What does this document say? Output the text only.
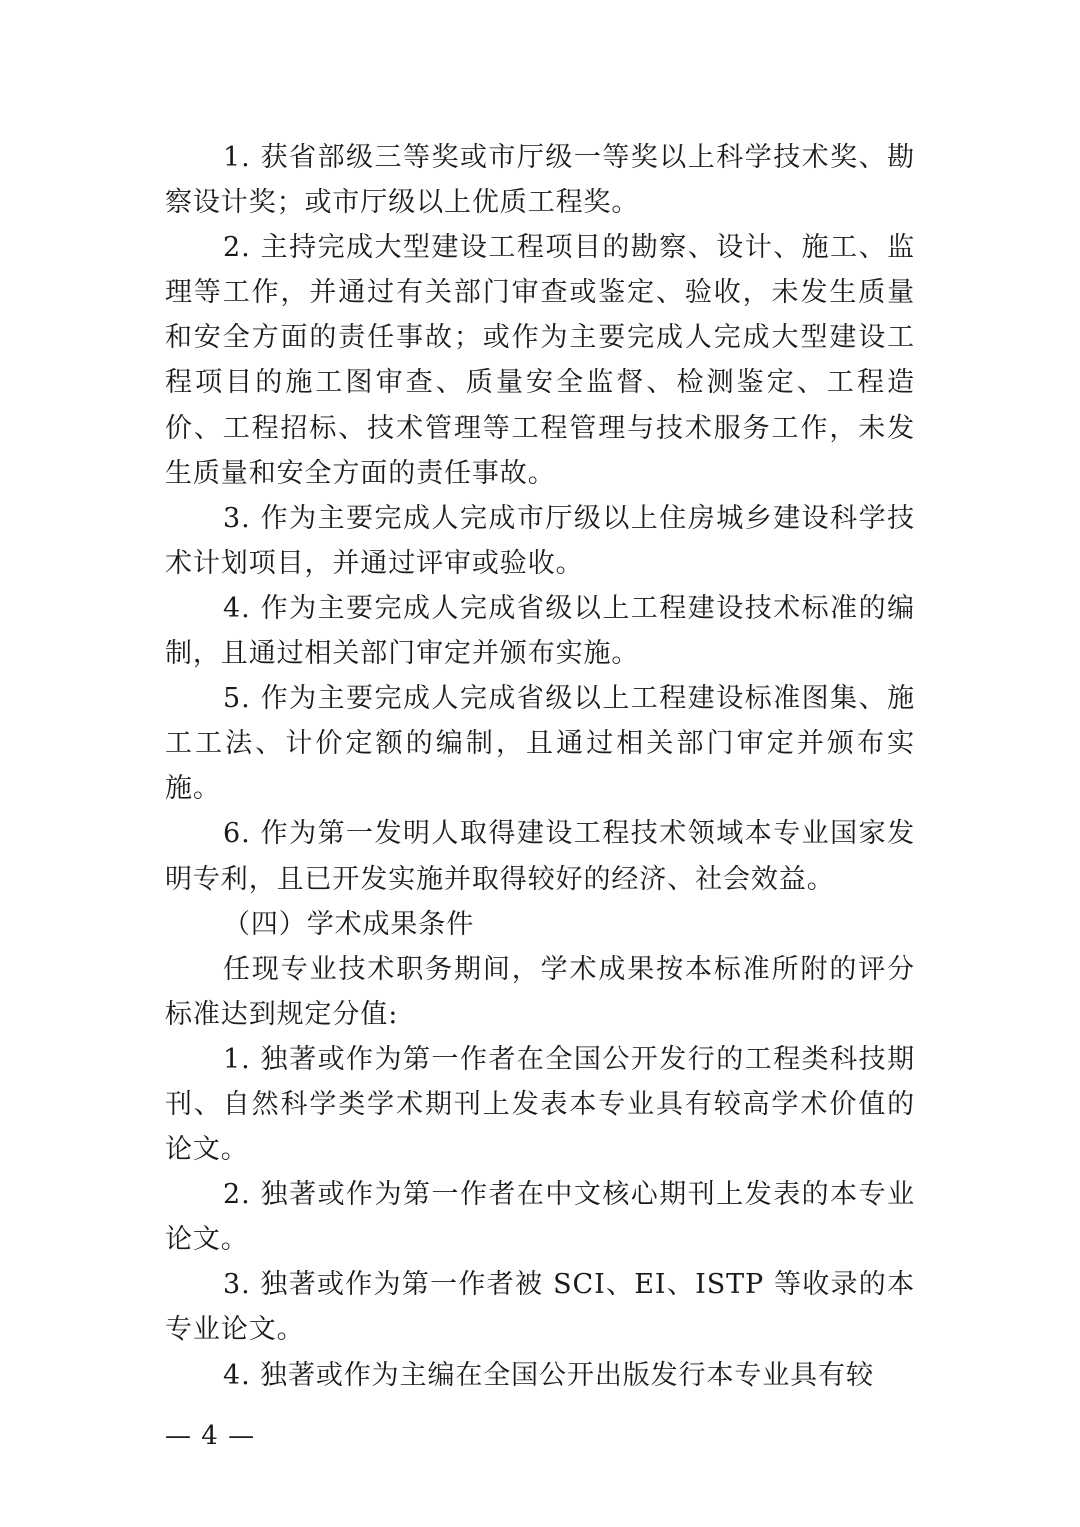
1. 获省部级三等奖或市厅级一等奖以上科学技术奖、勘察设计奖；或市厅级以上优质工程奖。

2. 主持完成大型建设工程项目的勘察、设计、施工、监理等工作，并通过有关部门审查或鉴定、验收，未发生质量和安全方面的责任事故；或作为主要完成人完成大型建设工程项目的施工图审查、质量安全监督、检测鉴定、工程造价、工程招标、技术管理等工程管理与技术服务工作，未发生质量和安全方面的责任事故。

3. 作为主要完成人完成市厅级以上住房城乡建设科学技术计划项目，并通过评审或验收。

4. 作为主要完成人完成省级以上工程建设技术标准的编制，且通过相关部门审定并颁布实施。

5. 作为主要完成人完成省级以上工程建设标准图集、施工工法、计价定额的编制，且通过相关部门审定并颁布实施。

6. 作为第一发明人取得建设工程技术领域本专业国家发明专利，且已开发实施并取得较好的经济、社会效益。

（四）学术成果条件

任现专业技术职务期间，学术成果按本标准所附的评分标准达到规定分值:

1. 独著或作为第一作者在全国公开发行的工程类科技期刊、自然科学类学术期刊上发表本专业具有较高学术价值的论文。

2. 独著或作为第一作者在中文核心期刊上发表的本专业论文。

3. 独著或作为第一作者被 SCI、EI、ISTP 等收录的本专业论文。

4. 独著或作为主编在全国公开出版发行本专业具有较

— 4 —
